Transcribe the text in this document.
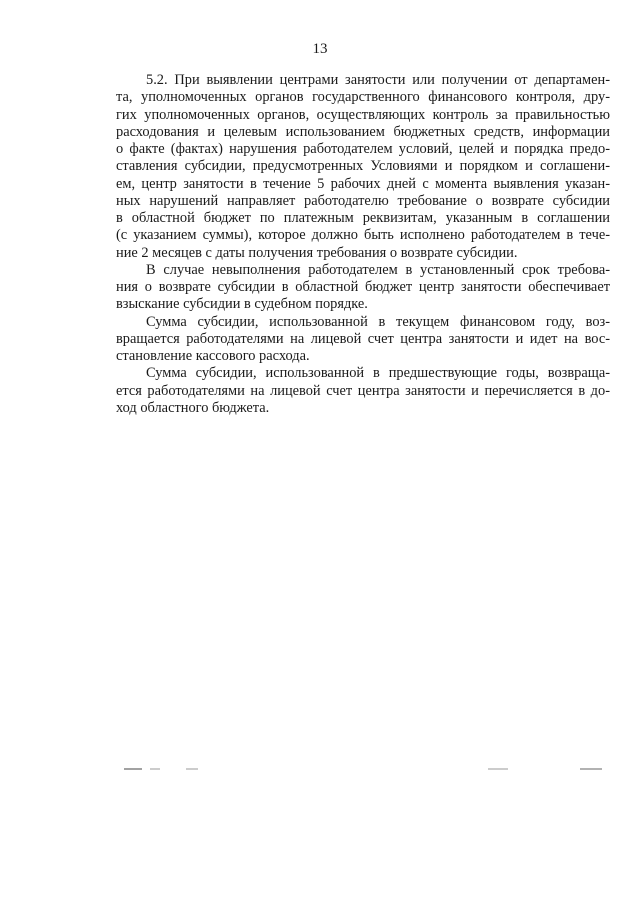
13

5.2. При выявлении центрами занятости или получении от департамен-
та, уполномоченных органов государственного финансового контроля, дру-
гих уполномоченных органов, осуществляющих контроль за правильностью
расходования и целевым использованием бюджетных средств, информации
о факте (фактах) нарушения работодателем условий, целей и порядка предо-
ставления субсидии, предусмотренных Условиями и порядком и соглашени-
ем, центр занятости в течение 5 рабочих дней с момента выявления указан-
ных нарушений направляет работодателю требование о возврате субсидии
в областной бюджет по платежным реквизитам, указанным в соглашении
(с указанием суммы), которое должно быть исполнено работодателем в тече-
ние 2 месяцев с даты получения требования о возврате субсидии.

В случае невыполнения работодателем в установленный срок требова-
ния о возврате субсидии в областной бюджет центр занятости обеспечивает
взыскание субсидии в судебном порядке.

Сумма субсидии, использованной в текущем финансовом году, воз-
вращается работодателями на лицевой счет центра занятости и идет на вос-
становление кассового расхода.

Сумма субсидии, использованной в предшествующие годы, возвраща-
ется работодателями на лицевой счет центра занятости и перечисляется в до-
ход областного бюджета.
